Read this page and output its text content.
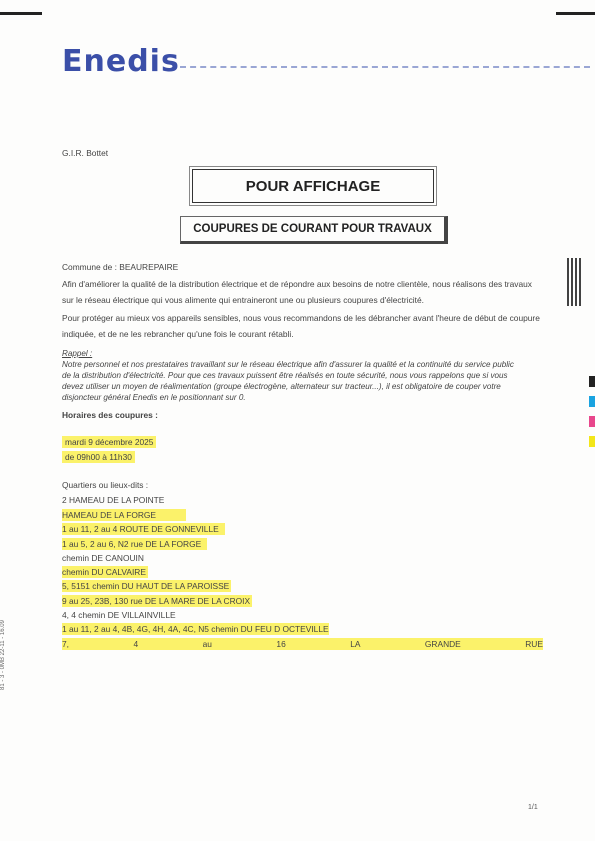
Enedis
G.I.R. Bottet
POUR AFFICHAGE
COUPURES DE COURANT POUR TRAVAUX
Commune de : BEAUREPAIRE
Afin d'améliorer la qualité de la distribution électrique et de répondre aux besoins de notre clientèle, nous réalisons des travaux
sur le réseau électrique qui vous alimente qui entraineront une ou plusieurs coupures d'électricité.
Pour protéger au mieux vos appareils sensibles, nous vous recommandons de les débrancher avant l'heure de début de coupure
indiquée, et de ne les rebrancher qu'une fois le courant rétabli.
Rappel :
Notre personnel et nos prestataires travaillant sur le réseau électrique afin d'assurer la qualité et la continuité du service public
de la distribution d'électricité. Pour que ces travaux puissent être réalisés en toute sécurité, nous vous rappelons que si vous
devez utiliser un moyen de réalimentation (groupe électrogène, alternateur sur tracteur...), il est obligatoire de couper votre
disjoncteur général Enedis en le positionnant sur 0.
Horaires des coupures :
mardi 9 décembre 2025
de 09h00 à 11h30
Quartiers ou lieux-dits :
2 HAMEAU DE LA POINTE
HAMEAU DE LA FORGE
1 au 11, 2 au 4 ROUTE DE GONNEVILLE
1 au 5, 2 au 6, N2 rue DE LA FORGE
chemin DE CANOUIN
chemin DU CALVAIRE
5, 5151 chemin DU HAUT DE LA PAROISSE
9 au 25, 23B, 130 rue DE LA MARE DE LA CROIX
4, 4 chemin DE VILLAINVILLE
1 au 11, 2 au 4, 4B, 4G, 4H, 4A, 4C, N5 chemin DU FEU D OCTEVILLE
7,	4	au	16	LA	GRANDE	RUE
81 - 3 - 0MB 22-11 - 16.09
1/1
